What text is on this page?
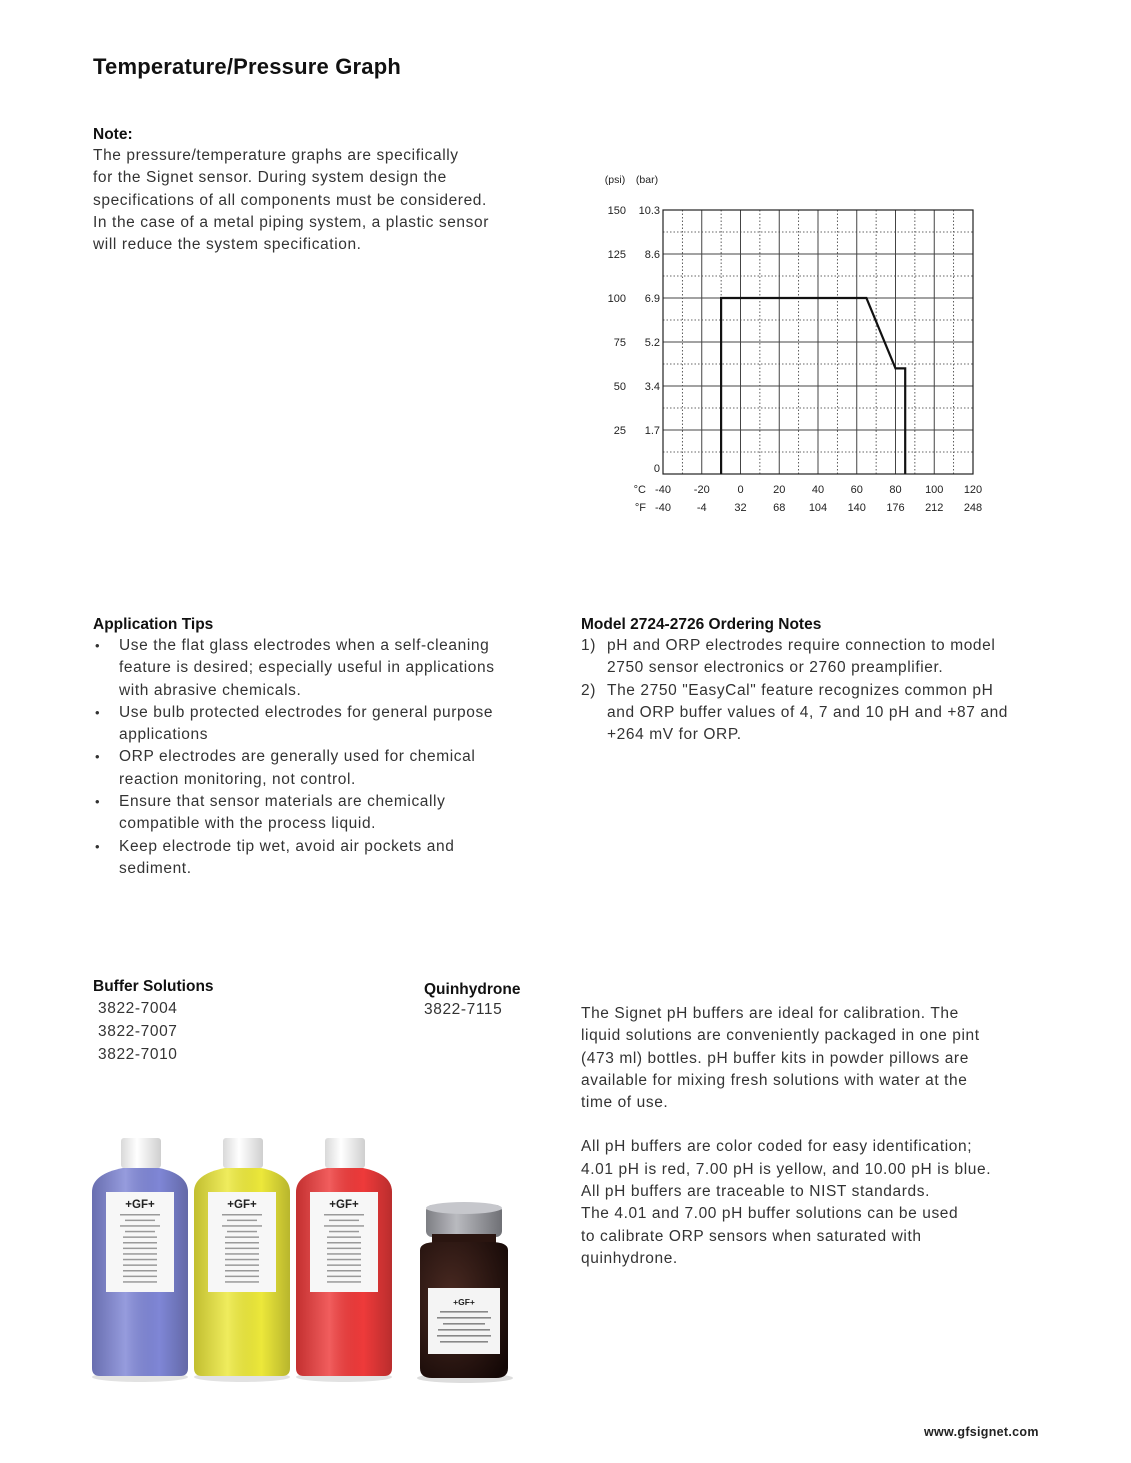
Temperature/Pressure Graph
Note:

The pressure/temperature graphs are specifically

for the Signet sensor. During system design the

specifications of all components must be considered.

In the case of a metal piping system, a plastic sensor

will reduce the system specification.

(psi) (bar)
150
125
100
75
50
25
0
10.3
8.6
6.9
5.2
3.4
1.7
°C
°F
-40 -20	0	20 40 60 80 100 120
-40 -4	32 68 104 140 176 212 248
Application Tips
• Use the flat glass electrodes when a self-cleaning
feature is desired; especially useful in applications
with abrasive chemicals.
• Use bulb protected electrodes for general purpose
applications
• ORP electrodes are generally used for chemical
reaction monitoring, not control.
• Ensure that sensor materials are chemically
compatible with the process liquid.
• Keep electrode tip wet, avoid air pockets and
sediment.
Model 2724-2726 Ordering Notes
1) pH and ORP electrodes require connection to model
2750 sensor electronics or 2760 preamplifier.
2) The 2750 "EasyCal" feature recognizes common pH
and ORP buffer values of 4, 7 and 10 pH and +87 and
+264 mV for ORP.
Buffer Solutions
3822-7004
3822-7007
3822-7010
Quinhydrone
3822-7115	The Signet pH buffers are ideal for calibration. The

liquid solutions are conveniently packaged in one pint

(473 ml) bottles. pH buffer kits in powder pillows are

available for mixing fresh solutions with water at the

time of use.

All pH buffers are color coded for easy identification;

4.01 pH is red, 7.00 pH is yellow, and 10.00 pH is blue.

All pH buffers are traceable to NIST standards.

The 4.01 and 7.00 pH buffer solutions can be used

to calibrate ORP sensors when saturated with

quinhydrone.

+GF+	+GF+	+GF+
+GF+
www.gfsignet.com
